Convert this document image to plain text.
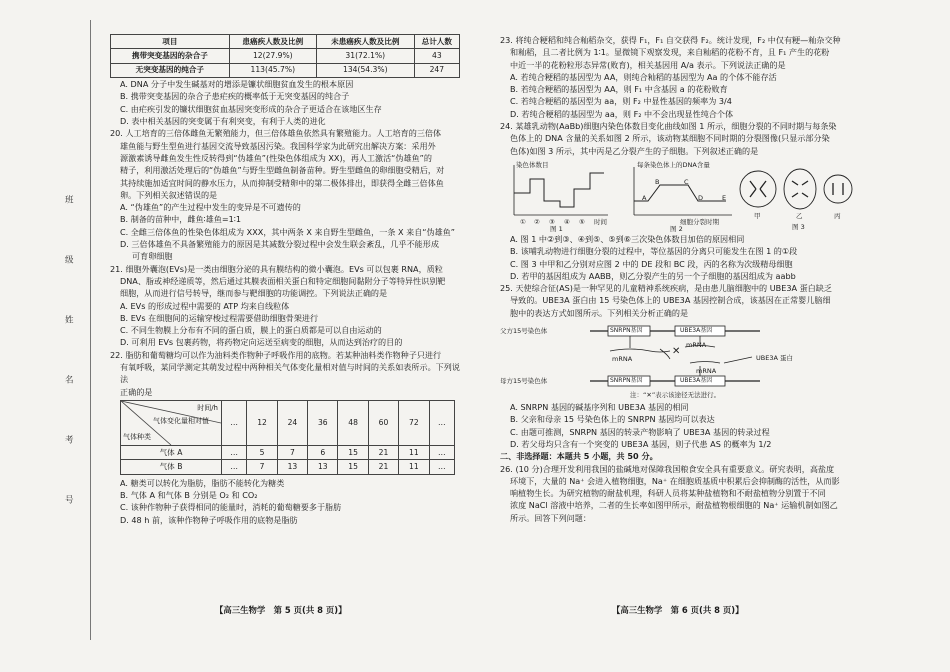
班
级
姓
名
考
号
项目	患癌疾人数及比例	未患癌疾人数及比例	总计人数
携带突变基因的杂合子	12(27.9%)	31(72.1%)	43
无突变基因的纯合子	113(45.7%)	134(54.3%)	247

A. DNA 分子中发生碱基对的增添是镰状细胞贫血发生的根本原因

B. 携带突变基因的杂合子患疟疾的概率低于无突变基因的纯合子

C. 由疟疾引发的镰状细胞贫血基因突变形成的杂合子更适合在该地区生存

D. 表中相关基因的突变属于有利突变，有利于人类的进化

20. 人工培育的三倍体雌鱼无繁殖能力，但三倍体雄鱼依然具有繁殖能力。人工培育的三倍体

雄鱼能与野生型鱼进行基因交流导致基因污染。我国科学家为此研究出解决方案：采用外

源激素诱导雌鱼发生性反转得到“伪雄鱼”(性染色体组成为 XX)，再人工激活“伪雄鱼”的

精子，利用激活处理后的“伪雄鱼”与野生型雌鱼制备苗种。野生型雌鱼的卵细胞受精后，对

其持续施加适宜时间的静水压力，从而抑制受精卵中的第二极体排出，即获得全雌三倍体鱼

卵。下列相关叙述错误的是

A. “伪雄鱼”的产生过程中发生的变异是不可遗传的

B. 制备的苗种中，雌鱼∶雄鱼=1∶1

C. 全雌三倍体鱼的性染色体组成为 XXX，其中两条 X 来自野生型雌鱼，一条 X 来自“伪雄鱼”

D. 三倍体雄鱼不具备繁殖能力的原因是其减数分裂过程中会发生联会紊乱，几乎不能形成

可育卵细胞

21. 细胞外囊泡(EVs)是一类由细胞分泌的具有膜结构的微小囊泡。EVs 可以包裹 RNA，质粒

DNA、脂或神经递质等，然后通过其膜表面相关蛋白和特定细胞间黏附分子等特异性识别靶

细胞，从而进行信号转导，继而参与靶细胞的功能调控。下列说法正确的是

A. EVs 的形成过程中需要的 ATP 均来自线粒体

B. EVs 在细胞间的运输穿梭过程需要借助细胞骨架进行

C. 不同生物膜上分布有不同的蛋白质，膜上的蛋白质都是可以自由运动的

D. 可利用 EVs 包裹药物，将药物定向运送至病变的细胞，从而达到治疗的目的

22. 脂肪和葡萄糖均可以作为油料类作物种子呼吸作用的底物。若某种油料类作物种子只进行

有氧呼吸，某同学测定其萌发过程中两种相关气体变化量相对值与时间的关系如表所示。下列说法

正确的是

时间/h
气体变化量相对值
气体种类	…	12	24	36	48	60	72	…
气体 A	…	5	7	6	15	21	11	…
气体 B	…	7	13	13	15	21	11	…

A. 糖类可以转化为脂肪，脂肪不能转化为糖类

B. 气体 A 和气体 B 分别是 O₂ 和 CO₂

C. 该种作物种子获得相同的能量时，消耗的葡萄糖要多于脂肪

D. 48 h 前，该种作物种子呼吸作用的底物是脂肪

【高三生物学　第 5 页(共 8 页)】

23. 将纯合粳稻和纯合籼稻杂交，获得 F₁，F₁ 自交获得 F₂。统计发现，F₂ 中仅有粳—籼杂交种

和籼稻，且二者比例为 1∶1。显微镜下观察发现，来自籼稻的花粉不育，且 F₁ 产生的花粉

中近一半的花粉粒形态异常(败育)，相关基因用 A/a 表示。下列说法正确的是

A. 若纯合粳稻的基因型为 AA，则纯合籼稻的基因型为 Aa 的个体不能存活

B. 若纯合粳稻的基因型为 AA，则 F₁ 中含基因 a 的花粉败育

C. 若纯合粳稻的基因型为 aa，则 F₂ 中显性基因的频率为 3/4

D. 若纯合粳稻的基因型为 aa，则 F₂ 中不会出现显性纯合个体

24. 某雄乳动物(AaBb)细胞内染色体数目变化曲线如图 1 所示，细胞分裂的不同时期与每条染

色体上的 DNA 含量的关系如图 2 所示，该动物某细胞不同时期的分裂图像(只显示部分染

色体)如图 3 所示，其中丙是乙分裂产生的子细胞。下列叙述正确的是

染色体数目
时间
① ② ③ ④ ⑤
图 1
每条染色体上的DNA含量
细胞分裂时期
A
B	C
D	E
图 2
甲	乙	丙
图 3

A. 图 1 中②到③、④到⑤、⑤到⑥三次染色体数目加倍的原因相同

B. 该哺乳动物进行细胞分裂的过程中，等位基因的分离只可能发生在图 1 的①段

C. 图 3 中甲和乙分别对应图 2 中的 DE 段和 BC 段，丙的名称为次级精母细胞

D. 若甲的基因组成为 AABB，则乙分裂产生的另一个子细胞的基因组成为 aabb

25. 天使综合征(AS)是一种罕见的儿童精神系统疾病，是由患儿脑细胞中的 UBE3A 蛋白缺乏

导致的。UBE3A 蛋白由 15 号染色体上的 UBE3A 基因控制合成，该基因在正常婴儿脑细

胞中的表达方式如图所示。下列相关分析正确的是

✕
父方15号染色体
母方15号染色体
SNRPN基因	UBE3A基因
SNRPN基因	UBE3A基因
mRNA
mRNA
mRNA
UBE3A 蛋白
注：“✕”表示该途径无法进行。

A. SNRPN 基因的碱基序列和 UBE3A 基因的相同

B. 父亲和母亲 15 号染色体上的 SNRPN 基因均可以表达

C. 由题可推测，SNRPN 基因的转录产物影响了 UBE3A 基因的转录过程

D. 若父母均只含有一个突变的 UBE3A 基因，则子代患 AS 的概率为 1/2

二、非选择题：本题共 5 小题，共 50 分。

26. (10 分)合理开发利用我国的盐碱地对保障我国粮食安全具有重要意义。研究表明，高盐度

环境下，大量的 Na⁺ 会进入植物细胞，Na⁺ 在细胞质基质中积累后会抑制酶的活性，从而影

响植物生长。为研究植物的耐盐机理，科研人员将某种盐植物和不耐盐植物分别置于不同

浓度 NaCl 溶液中培养，二者的生长率如图甲所示，耐盐植物根细胞的 Na⁺ 运输机制如图乙

所示。回答下列问题：

【高三生物学　第 6 页(共 8 页)】
